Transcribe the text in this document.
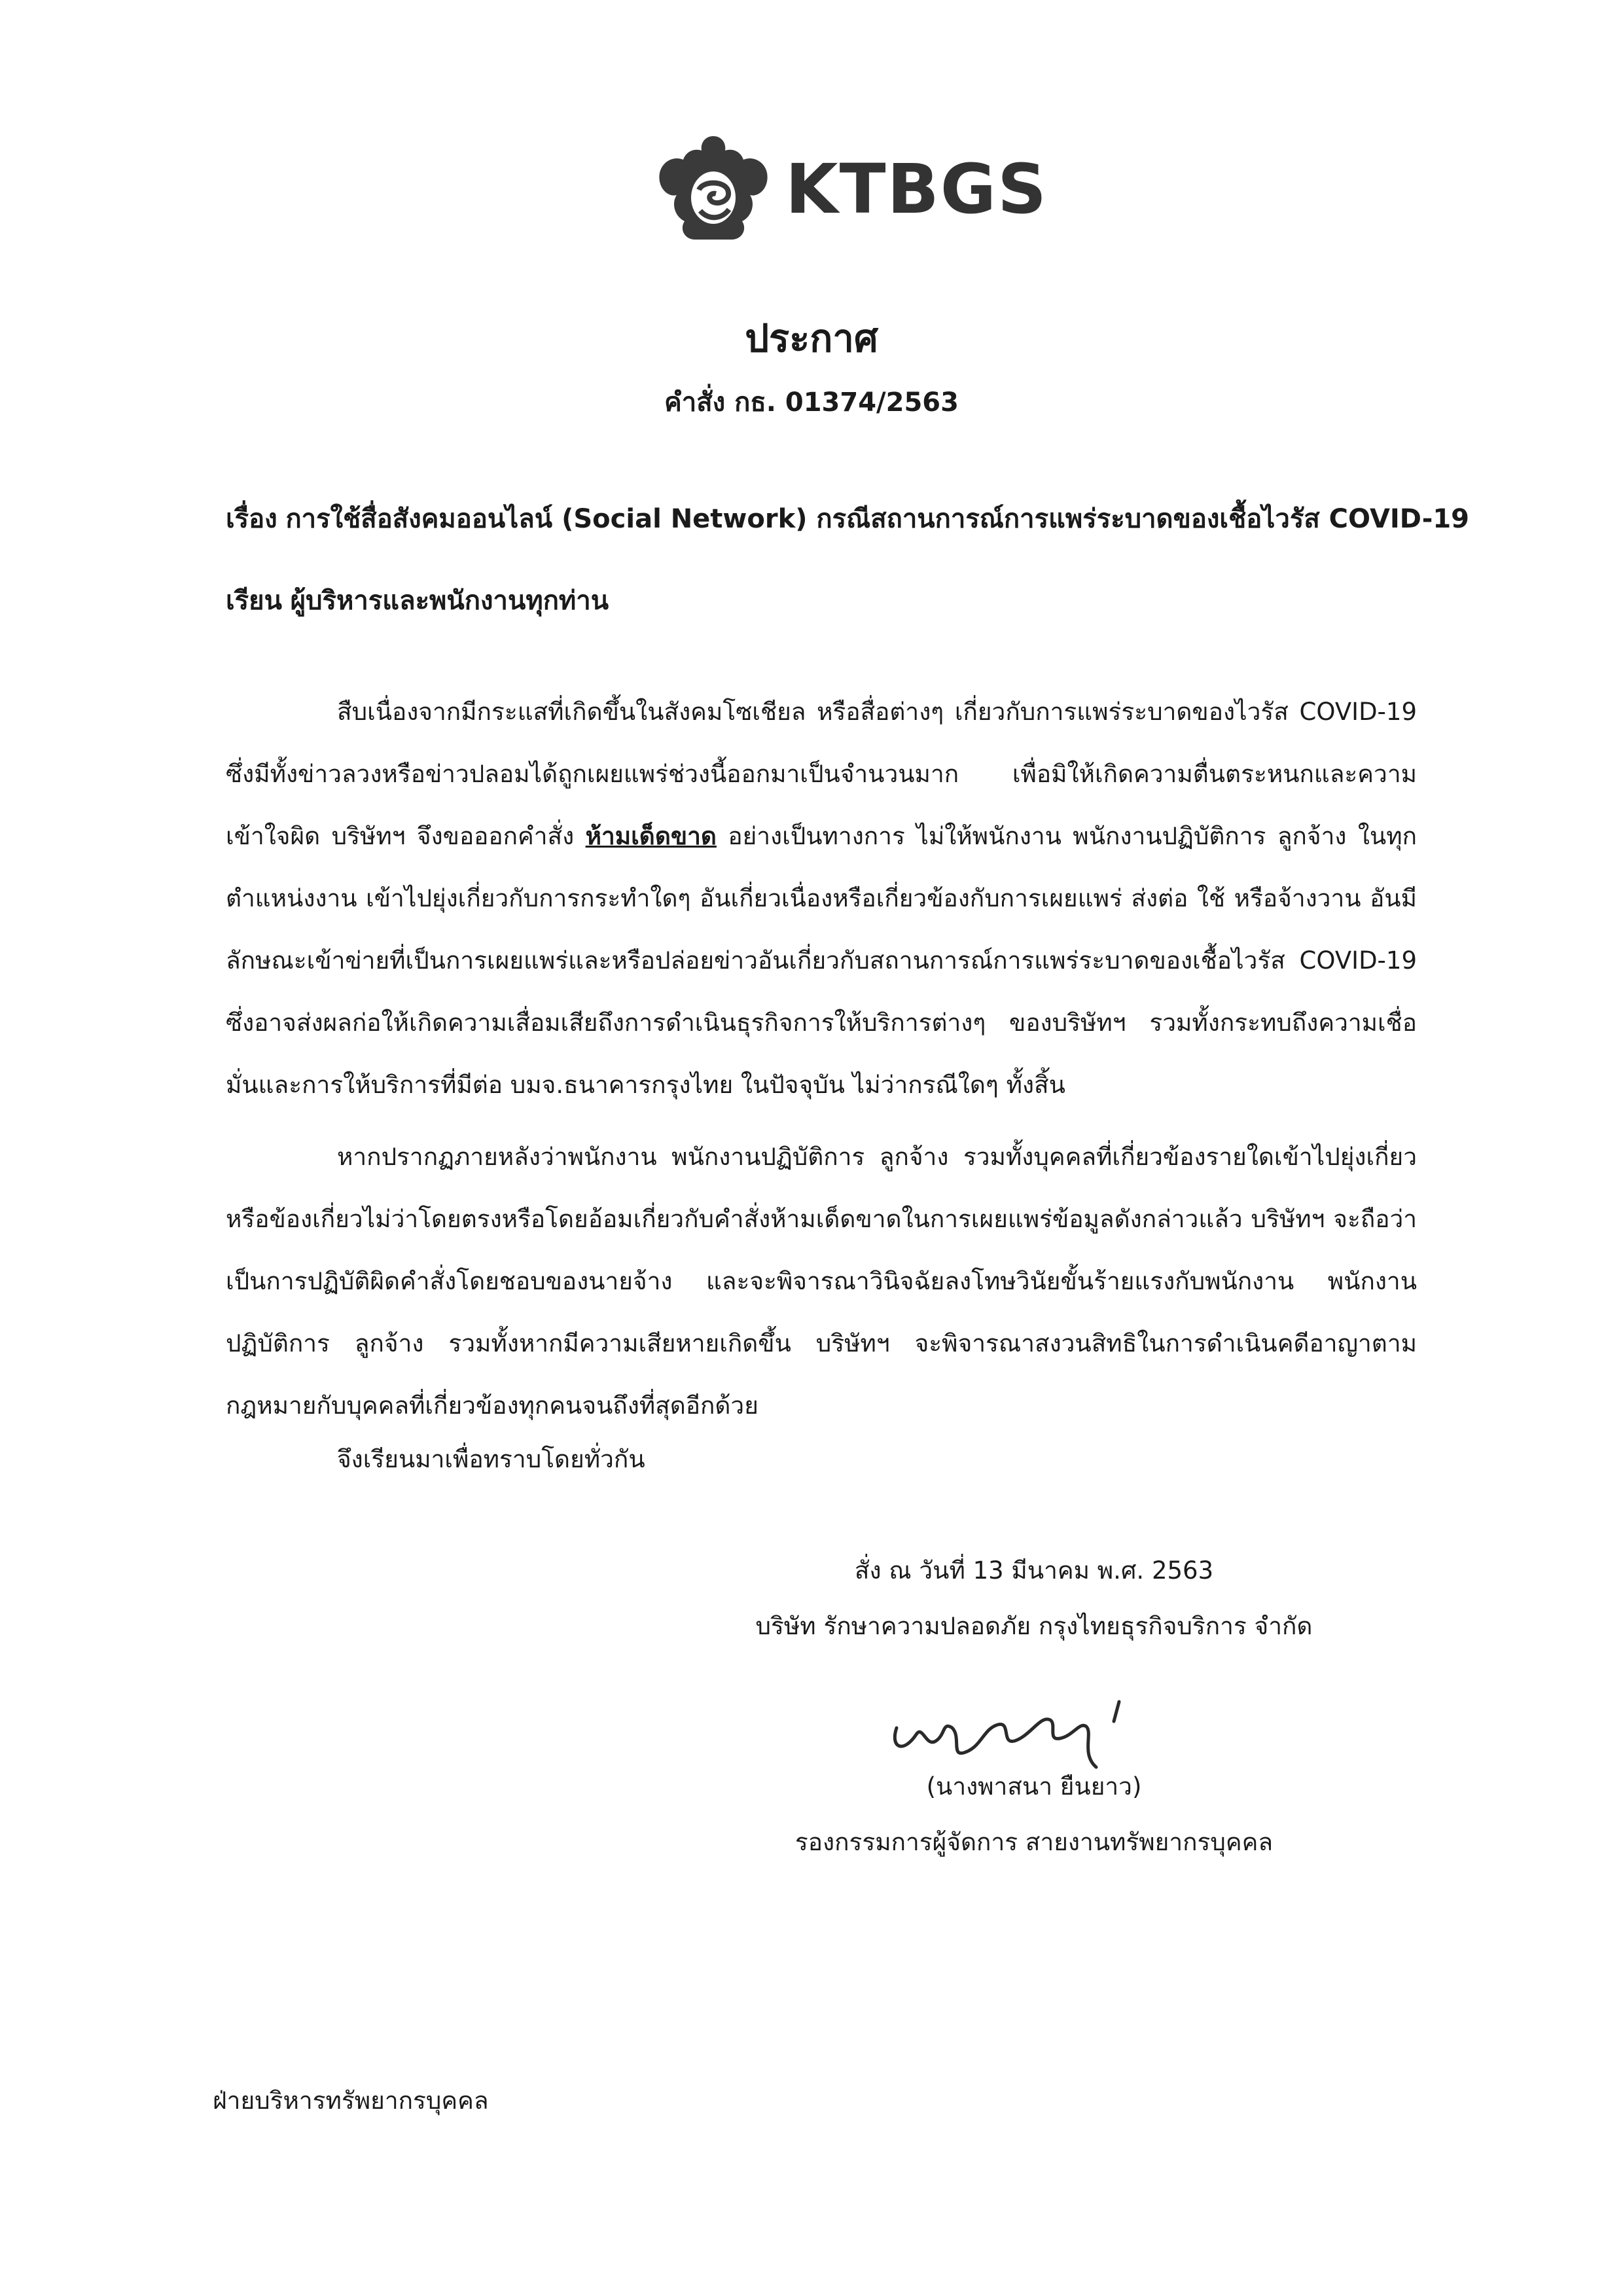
KTBGS
ประกาศ
คำสั่ง กธ. 01374/2563
เรื่อง การใช้สื่อสังคมออนไลน์ (Social Network) กรณีสถานการณ์การแพร่ระบาดของเชื้อไวรัส COVID-19
เรียน ผู้บริหารและพนักงานทุกท่าน

สืบเนื่องจากมีกระแสที่เกิดขึ้นในสังคมโซเชียล หรือสื่อต่างๆ เกี่ยวกับการแพร่ระบาดของไวรัส COVID-19 ซึ่งมีทั้งข่าวลวงหรือข่าวปลอมได้ถูกเผยแพร่ช่วงนี้ออกมาเป็นจำนวนมาก เพื่อมิให้เกิดความตื่นตระหนกและความเข้าใจผิด บริษัทฯ จึงขอออกคำสั่ง ห้ามเด็ดขาด อย่างเป็นทางการ ไม่ให้พนักงาน พนักงานปฏิบัติการ ลูกจ้าง ในทุกตำแหน่งงาน เข้าไปยุ่งเกี่ยวกับการกระทำใดๆ อันเกี่ยวเนื่องหรือเกี่ยวข้องกับการเผยแพร่ ส่งต่อ ใช้ หรือจ้างวาน อันมีลักษณะเข้าข่ายที่เป็นการเผยแพร่และหรือปล่อยข่าวอันเกี่ยวกับสถานการณ์การแพร่ระบาดของเชื้อไวรัส COVID-19 ซึ่งอาจส่งผลก่อให้เกิดความเสื่อมเสียถึงการดำเนินธุรกิจการให้บริการต่างๆ ของบริษัทฯ รวมทั้งกระทบถึงความเชื่อมั่นและการให้บริการที่มีต่อ บมจ.ธนาคารกรุงไทย ในปัจจุบัน ไม่ว่ากรณีใดๆ ทั้งสิ้น

หากปรากฏภายหลังว่าพนักงาน พนักงานปฏิบัติการ ลูกจ้าง รวมทั้งบุคคลที่เกี่ยวข้องรายใดเข้าไปยุ่งเกี่ยวหรือข้องเกี่ยวไม่ว่าโดยตรงหรือโดยอ้อมเกี่ยวกับคำสั่งห้ามเด็ดขาดในการเผยแพร่ข้อมูลดังกล่าวแล้ว บริษัทฯ จะถือว่าเป็นการปฏิบัติผิดคำสั่งโดยชอบของนายจ้าง และจะพิจารณาวินิจฉัยลงโทษวินัยขั้นร้ายแรงกับพนักงาน พนักงานปฏิบัติการ ลูกจ้าง รวมทั้งหากมีความเสียหายเกิดขึ้น บริษัทฯ จะพิจารณาสงวนสิทธิในการดำเนินคดีอาญาตามกฎหมายกับบุคคลที่เกี่ยวข้องทุกคนจนถึงที่สุดอีกด้วย

จึงเรียนมาเพื่อทราบโดยทั่วกัน
สั่ง ณ วันที่ 13 มีนาคม พ.ศ. 2563
บริษัท รักษาความปลอดภัย กรุงไทยธุรกิจบริการ จำกัด
(นางพาสนา ยืนยาว)
รองกรรมการผู้จัดการ สายงานทรัพยากรบุคคล
ฝ่ายบริหารทรัพยากรบุคคล
